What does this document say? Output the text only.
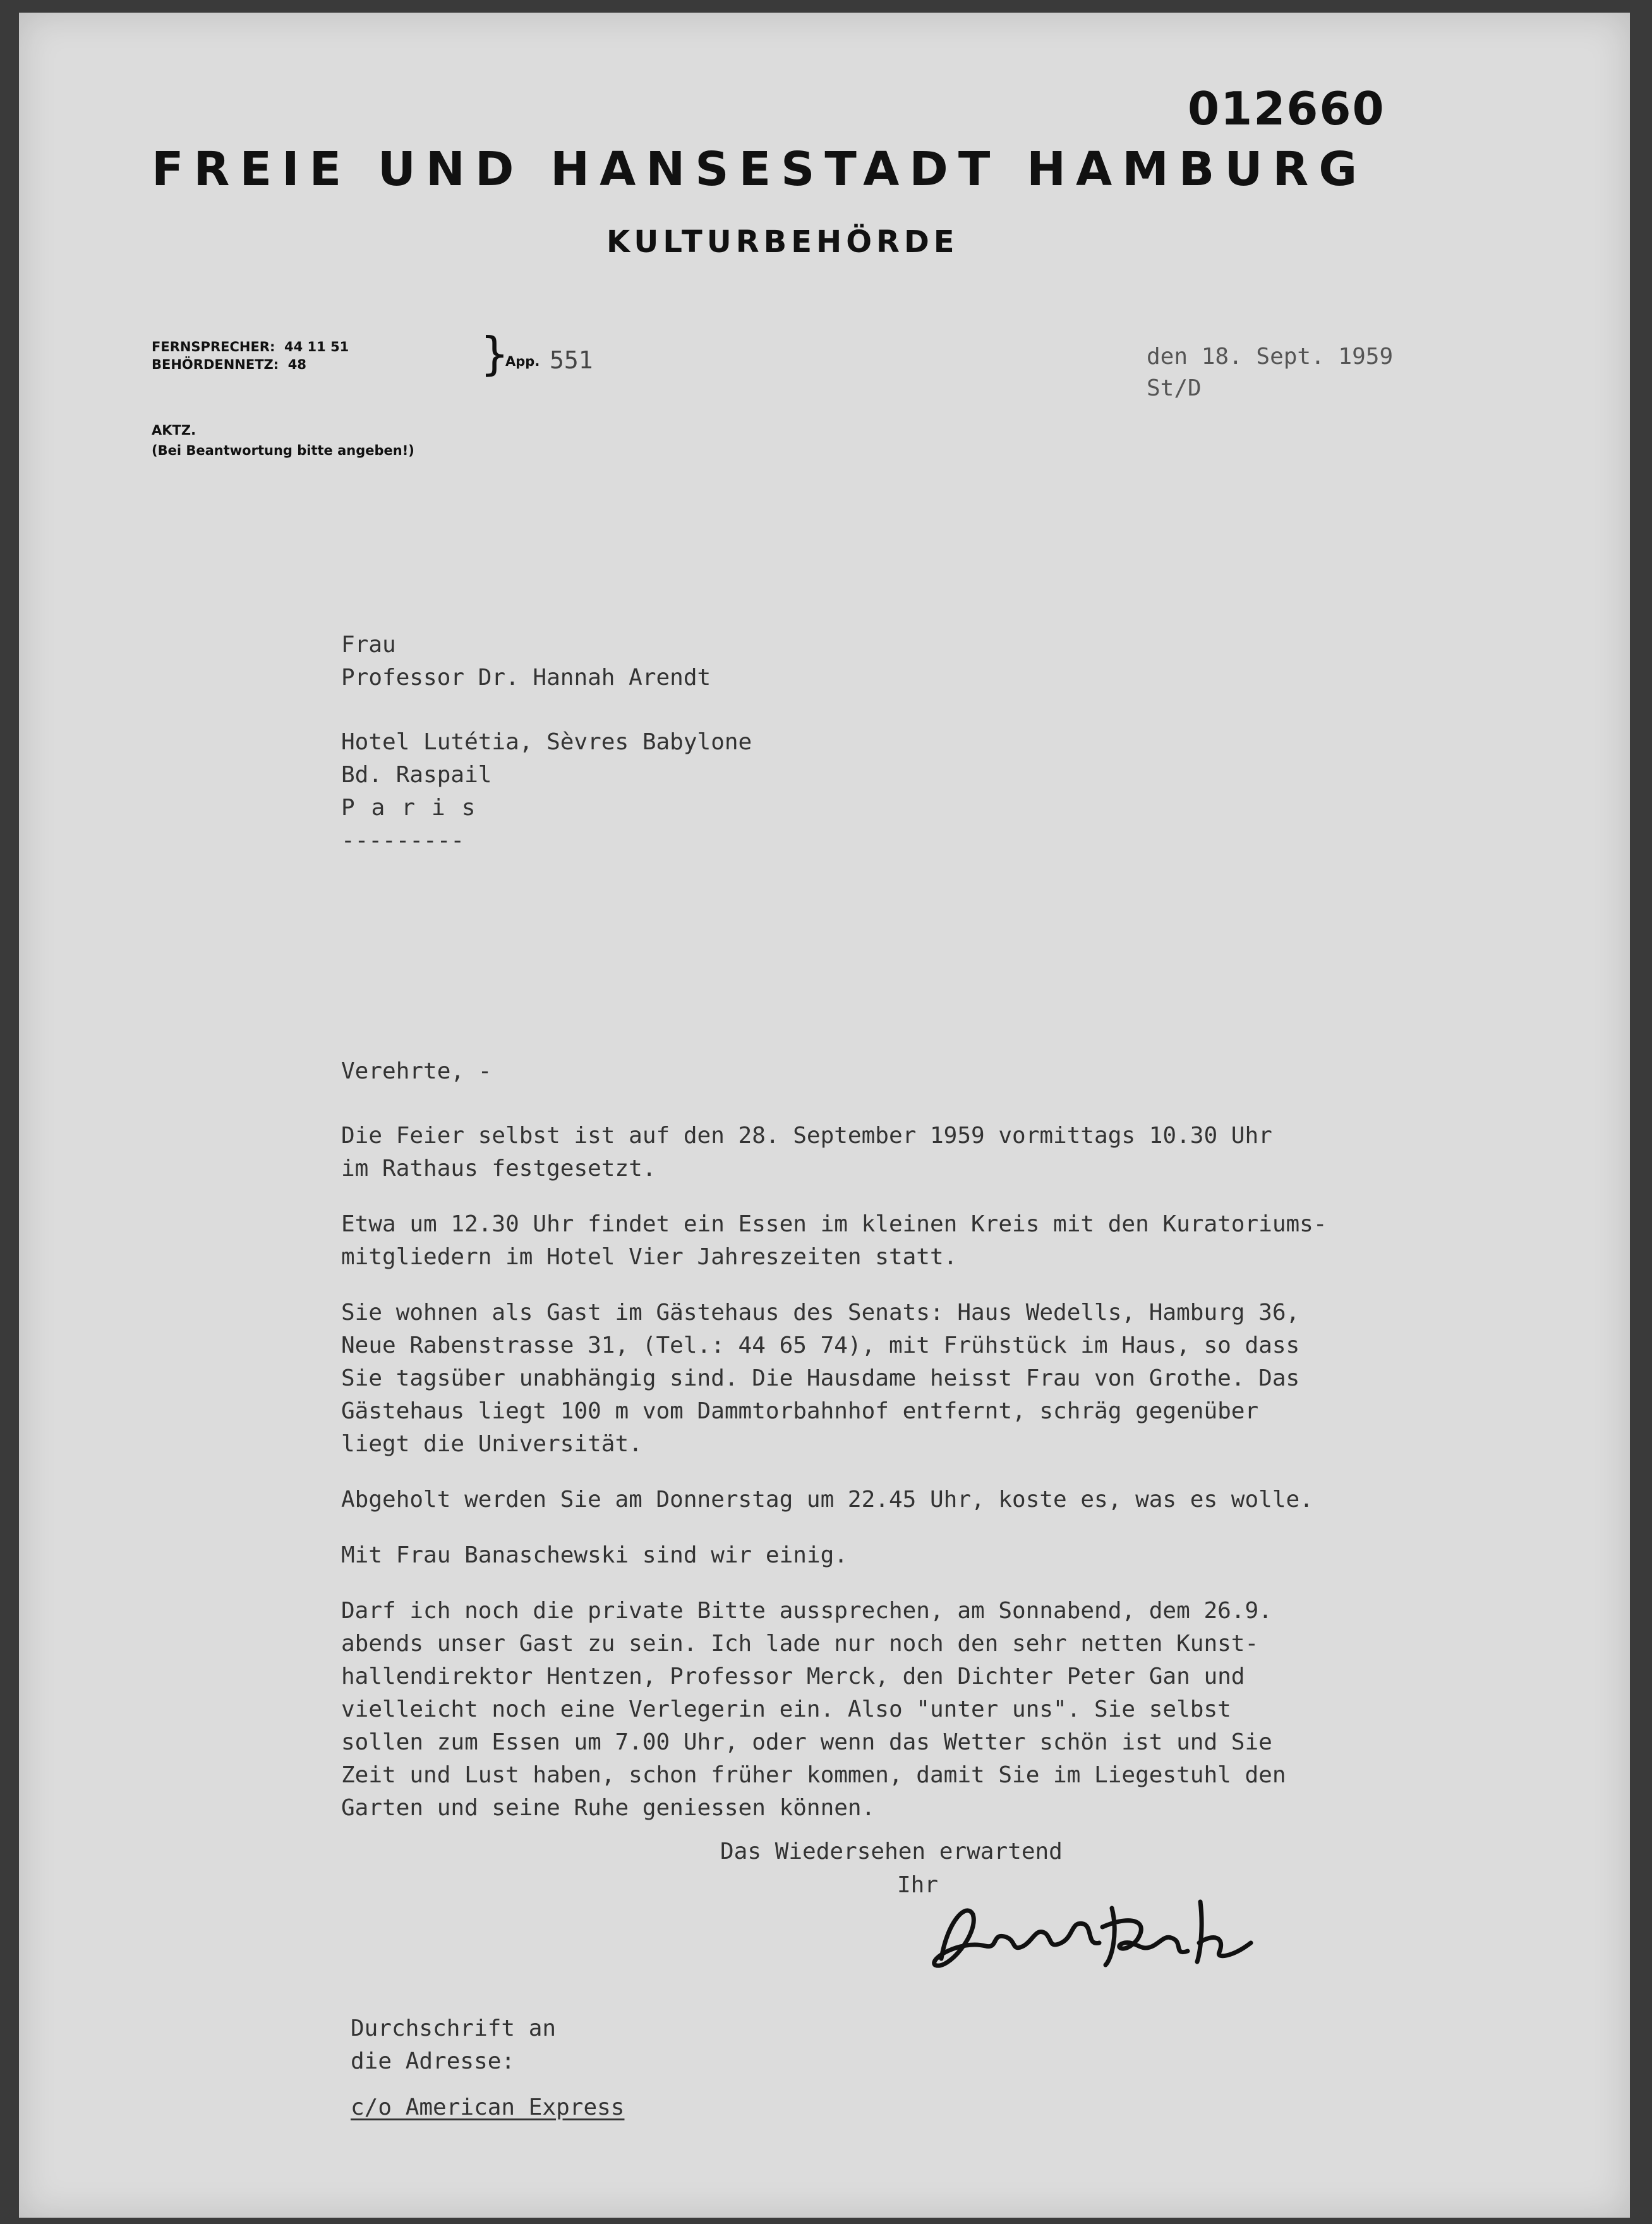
012660
FREIE UND HANSESTADT HAMBURG
KULTURBEHÖRDE
FERNSPRECHER: 44 11 51
BEHÖRDENNETZ: 48	}
App. 551
AKTZ.
(Bei Beantwortung bitte angeben!)
den 18. Sept. 1959
St/D
Frau
Professor Dr. Hannah Arendt
Hotel Lutétia, Sèvres Babylone
Bd. Raspail
Paris
---------
Verehrte, -

Die Feier selbst ist auf den 28. September 1959 vormittags 10.30 Uhr
im Rathaus festgesetzt.

Etwa um 12.30 Uhr findet ein Essen im kleinen Kreis mit den Kuratoriums-
mitgliedern im Hotel Vier Jahreszeiten statt.

Sie wohnen als Gast im Gästehaus des Senats: Haus Wedells, Hamburg 36,
Neue Rabenstrasse 31, (Tel.: 44 65 74), mit Frühstück im Haus, so dass
Sie tagsüber unabhängig sind. Die Hausdame heisst Frau von Grothe. Das
Gästehaus liegt 100 m vom Dammtorbahnhof entfernt, schräg gegenüber
liegt die Universität.

Abgeholt werden Sie am Donnerstag um 22.45 Uhr, koste es, was es wolle.

Mit Frau Banaschewski sind wir einig.

Darf ich noch die private Bitte aussprechen, am Sonnabend, dem 26.9.
abends unser Gast zu sein. Ich lade nur noch den sehr netten Kunst-
hallendirektor Hentzen, Professor Merck, den Dichter Peter Gan und
vielleicht noch eine Verlegerin ein. Also "unter uns". Sie selbst
sollen zum Essen um 7.00 Uhr, oder wenn das Wetter schön ist und Sie
Zeit und Lust haben, schon früher kommen, damit Sie im Liegestuhl den
Garten und seine Ruhe geniessen können.

Das Wiedersehen erwartend
Ihr
Durchschrift an
die Adresse:
c/o American Express
